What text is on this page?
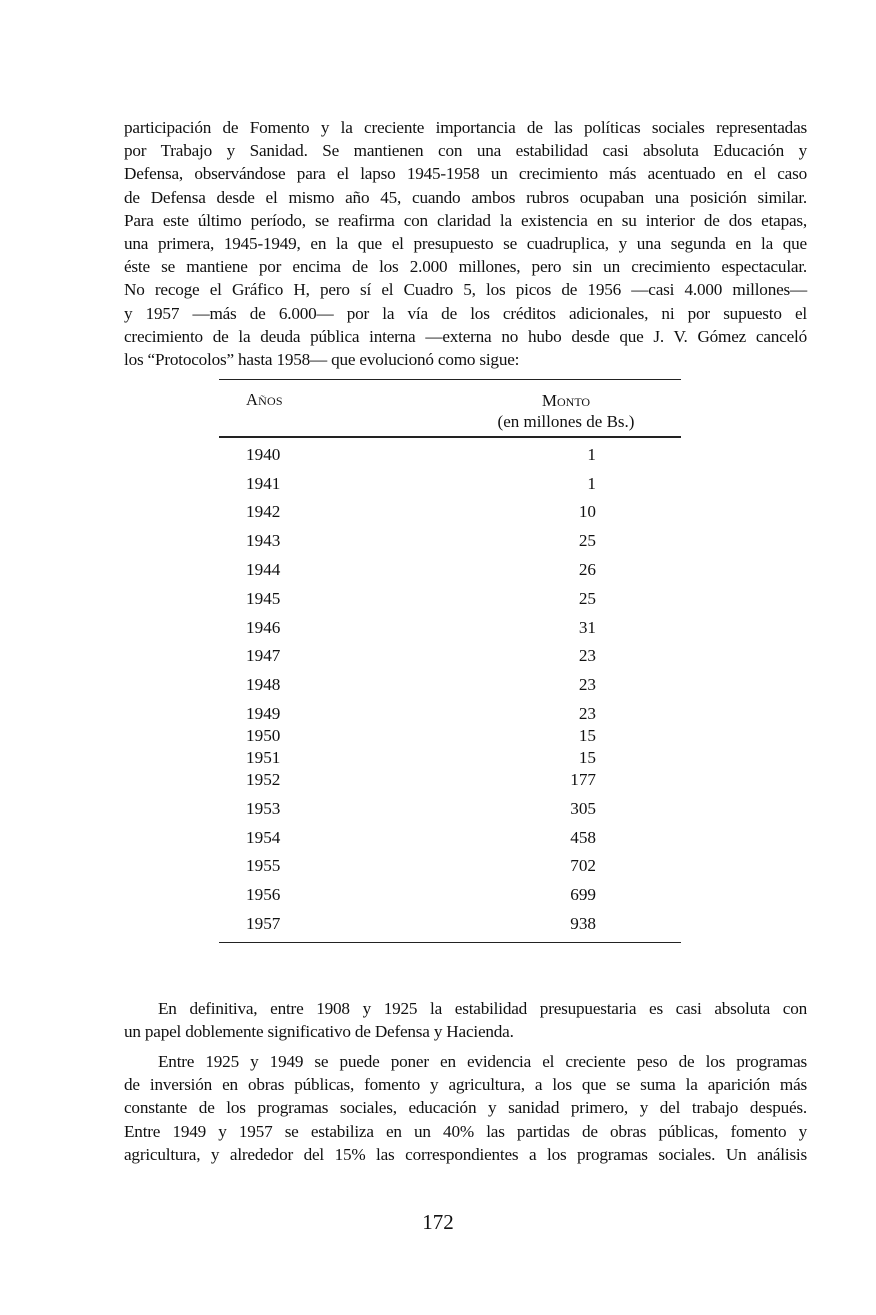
participación de Fomento y la creciente importancia de las políticas sociales representadas
por Trabajo y Sanidad. Se mantienen con una estabilidad casi absoluta Educación y
Defensa, observándose para el lapso 1945-1958 un crecimiento más acentuado en el caso
de Defensa desde el mismo año 45, cuando ambos rubros ocupaban una posición similar.
Para este último período, se reafirma con claridad la existencia en su interior de dos etapas,
una primera, 1945-1949, en la que el presupuesto se cuadruplica, y una segunda en la que
éste se mantiene por encima de los 2.000 millones, pero sin un crecimiento espectacular.
No recoge el Gráfico H, pero sí el Cuadro 5, los picos de 1956 —casi 4.000 millones—
y 1957 —más de 6.000— por la vía de los créditos adicionales, ni por supuesto el
crecimiento de la deuda pública interna —externa no hubo desde que J. V. Gómez canceló
los “Protocolos” hasta 1958— que evolucionó como sigue:
Años	Monto
(en millones de Bs.)
1940	1
1941	1
1942	10
1943	25
1944	26
1945	25
1946	31
1947	23
1948	23
1949	23
1950	15
1951	15
1952	177
1953	305
1954	458
1955	702
1956	699
1957	938
En definitiva, entre 1908 y 1925 la estabilidad presupuestaria es casi absoluta con
un papel doblemente significativo de Defensa y Hacienda.
Entre 1925 y 1949 se puede poner en evidencia el creciente peso de los programas
de inversión en obras públicas, fomento y agricultura, a los que se suma la aparición más
constante de los programas sociales, educación y sanidad primero, y del trabajo después.
Entre 1949 y 1957 se estabiliza en un 40% las partidas de obras públicas, fomento y
agricultura, y alrededor del 15% las correspondientes a los programas sociales. Un análisis
172
